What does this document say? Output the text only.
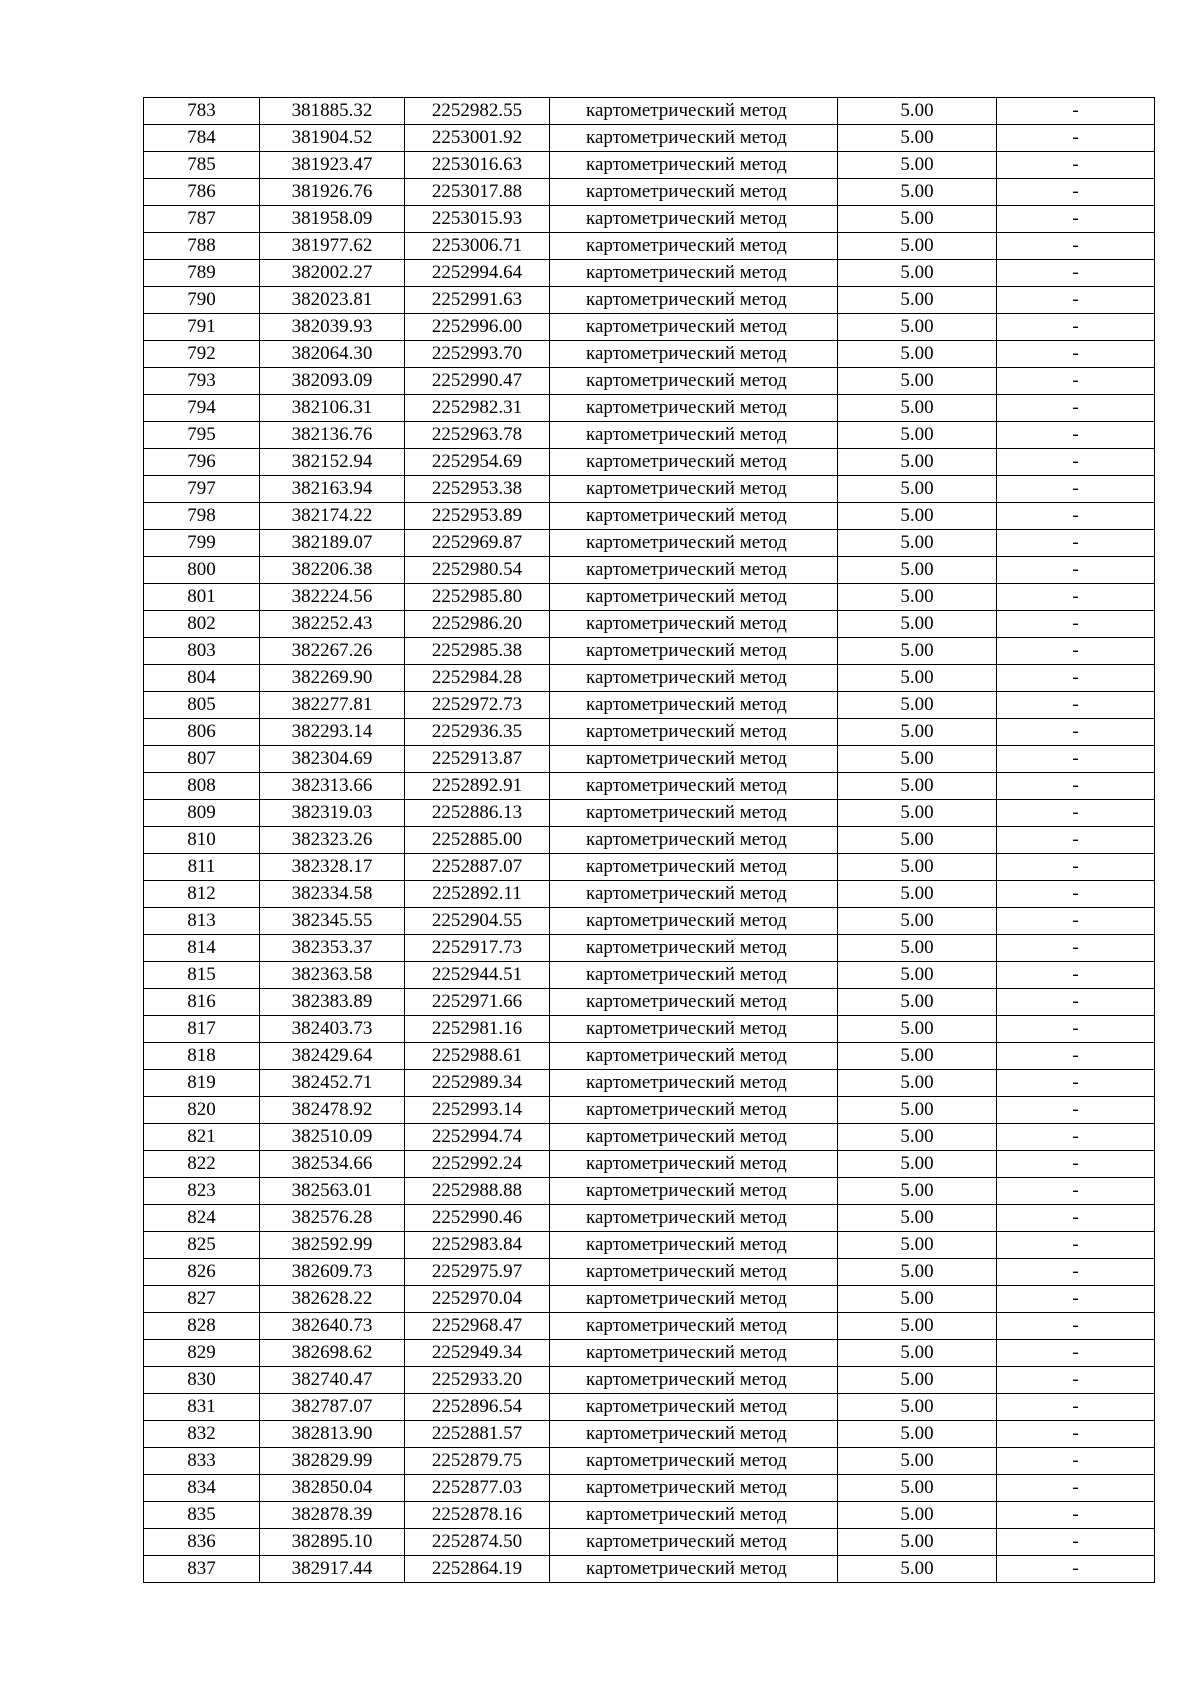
783	381885.32	2252982.55	картометрический метод	5.00	-
784	381904.52	2253001.92	картометрический метод	5.00	-
785	381923.47	2253016.63	картометрический метод	5.00	-
786	381926.76	2253017.88	картометрический метод	5.00	-
787	381958.09	2253015.93	картометрический метод	5.00	-
788	381977.62	2253006.71	картометрический метод	5.00	-
789	382002.27	2252994.64	картометрический метод	5.00	-
790	382023.81	2252991.63	картометрический метод	5.00	-
791	382039.93	2252996.00	картометрический метод	5.00	-
792	382064.30	2252993.70	картометрический метод	5.00	-
793	382093.09	2252990.47	картометрический метод	5.00	-
794	382106.31	2252982.31	картометрический метод	5.00	-
795	382136.76	2252963.78	картометрический метод	5.00	-
796	382152.94	2252954.69	картометрический метод	5.00	-
797	382163.94	2252953.38	картометрический метод	5.00	-
798	382174.22	2252953.89	картометрический метод	5.00	-
799	382189.07	2252969.87	картометрический метод	5.00	-
800	382206.38	2252980.54	картометрический метод	5.00	-
801	382224.56	2252985.80	картометрический метод	5.00	-
802	382252.43	2252986.20	картометрический метод	5.00	-
803	382267.26	2252985.38	картометрический метод	5.00	-
804	382269.90	2252984.28	картометрический метод	5.00	-
805	382277.81	2252972.73	картометрический метод	5.00	-
806	382293.14	2252936.35	картометрический метод	5.00	-
807	382304.69	2252913.87	картометрический метод	5.00	-
808	382313.66	2252892.91	картометрический метод	5.00	-
809	382319.03	2252886.13	картометрический метод	5.00	-
810	382323.26	2252885.00	картометрический метод	5.00	-
811	382328.17	2252887.07	картометрический метод	5.00	-
812	382334.58	2252892.11	картометрический метод	5.00	-
813	382345.55	2252904.55	картометрический метод	5.00	-
814	382353.37	2252917.73	картометрический метод	5.00	-
815	382363.58	2252944.51	картометрический метод	5.00	-
816	382383.89	2252971.66	картометрический метод	5.00	-
817	382403.73	2252981.16	картометрический метод	5.00	-
818	382429.64	2252988.61	картометрический метод	5.00	-
819	382452.71	2252989.34	картометрический метод	5.00	-
820	382478.92	2252993.14	картометрический метод	5.00	-
821	382510.09	2252994.74	картометрический метод	5.00	-
822	382534.66	2252992.24	картометрический метод	5.00	-
823	382563.01	2252988.88	картометрический метод	5.00	-
824	382576.28	2252990.46	картометрический метод	5.00	-
825	382592.99	2252983.84	картометрический метод	5.00	-
826	382609.73	2252975.97	картометрический метод	5.00	-
827	382628.22	2252970.04	картометрический метод	5.00	-
828	382640.73	2252968.47	картометрический метод	5.00	-
829	382698.62	2252949.34	картометрический метод	5.00	-
830	382740.47	2252933.20	картометрический метод	5.00	-
831	382787.07	2252896.54	картометрический метод	5.00	-
832	382813.90	2252881.57	картометрический метод	5.00	-
833	382829.99	2252879.75	картометрический метод	5.00	-
834	382850.04	2252877.03	картометрический метод	5.00	-
835	382878.39	2252878.16	картометрический метод	5.00	-
836	382895.10	2252874.50	картометрический метод	5.00	-
837	382917.44	2252864.19	картометрический метод	5.00	-
